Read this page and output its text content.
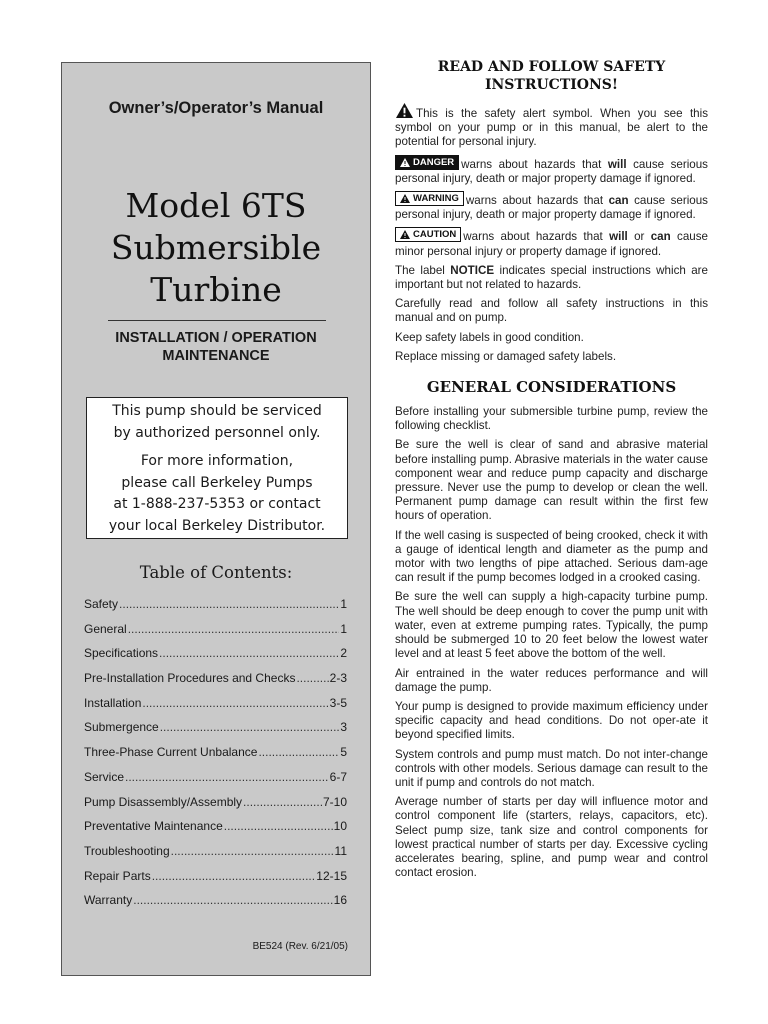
Owner’s/Operator’s Manual
Model 6TS
Submersible
Turbine
INSTALLATION / OPERATION
MAINTENANCE

This pump should be serviced

by authorized personnel only.

For more information,

please call Berkeley Pumps

at 1-888-237-5353 or contact

your local Berkeley Distributor.

Table of Contents:
Safety .....	1
General .....	1
Specifications .....	2
Pre-Installation Procedures and Checks .....	2-3
Installation .....	3-5
Submergence .....	3
Three-Phase Current Unbalance .....	5
Service .....	6-7
Pump Disassembly/Assembly .....	7-10
Preventative Maintenance .....	10
Troubleshooting .....	11
Repair Parts .....	12-15
Warranty .....	16
BE524 (Rev. 6/21/05)
READ AND FOLLOW SAFETY
INSTRUCTIONS!

This is the safety alert symbol. When you see this symbol on your pump or in this manual, be alert to the potential for personal injury.

DANGER warns about hazards that will cause serious personal injury, death or major property damage if ignored.

WARNING warns about hazards that can cause serious personal injury, death or major property damage if ignored.

CAUTION warns about hazards that will or can cause minor personal injury or property damage if ignored.

The label NOTICE indicates special instructions which are important but not related to hazards.

Carefully read and follow all safety instructions in this manual and on pump.

Keep safety labels in good condition.

Replace missing or damaged safety labels.

GENERAL CONSIDERATIONS

Before installing your submersible turbine pump, review the following checklist.

Be sure the well is clear of sand and abrasive material before installing pump. Abrasive materials in the water cause component wear and reduce pump capacity and discharge pressure. Never use the pump to develop or clean the well. Permanent pump damage can result within the first few hours of operation.

If the well casing is suspected of being crooked, check it with a gauge of identical length and diameter as the pump and motor with two lengths of pipe attached. Serious dam-age can result if the pump becomes lodged in a crooked casing.

Be sure the well can supply a high-capacity turbine pump. The well should be deep enough to cover the pump unit with water, even at extreme pumping rates. Typically, the pump should be submerged 10 to 20 feet below the lowest water level and at least 5 feet above the bottom of the well.

Air entrained in the water reduces performance and will damage the pump.

Your pump is designed to provide maximum efficiency under specific capacity and head conditions. Do not oper-ate it beyond specified limits.

System controls and pump must match. Do not inter-change controls with other models. Serious damage can result to the unit if pump and controls do not match.

Average number of starts per day will influence motor and control component life (starters, relays, capacitors, etc). Select pump size, tank size and control components for lowest practical number of starts per day. Excessive cycling accelerates bearing, spline, and pump wear and control contact erosion.
